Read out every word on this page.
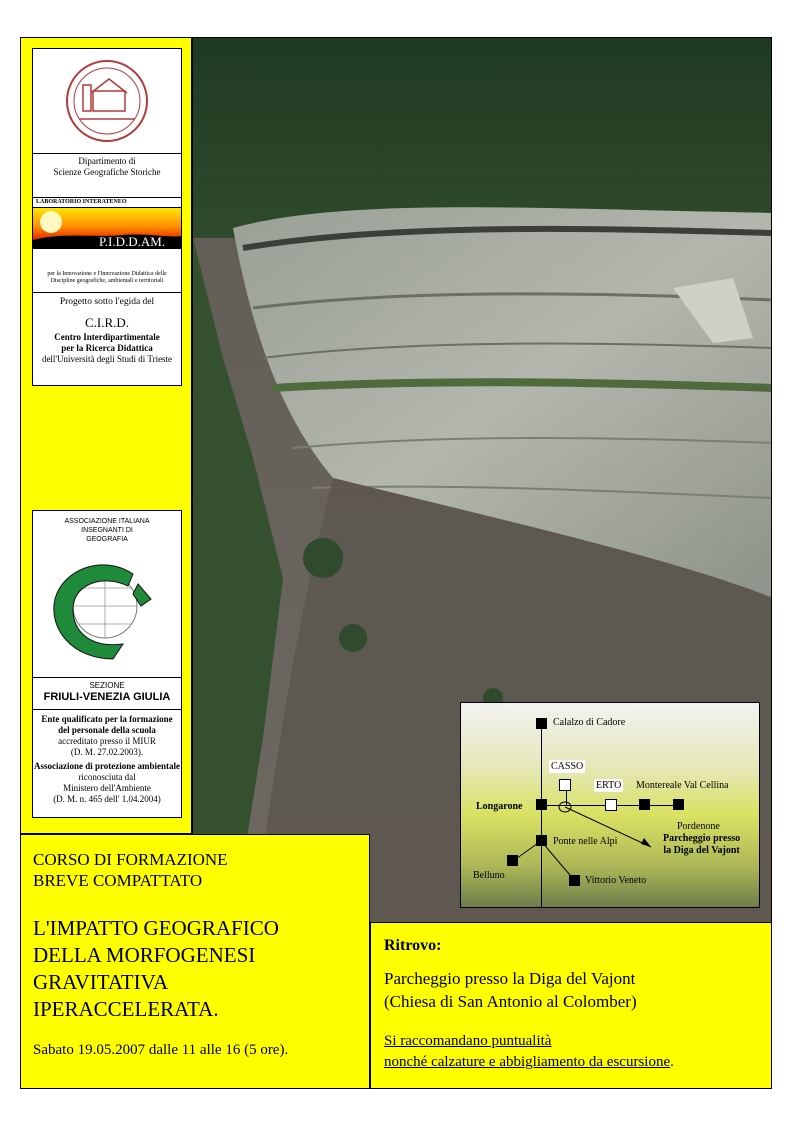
Dipartimento di
Scienze Geografiche Storiche
LABORATORIO INTERATENEO
P.I.D.D.AM.
per la Innovazione e l'Innovazione Didattica delle
Discipline geografiche, ambientali e territoriali
Progetto sotto l'egida del
C.I.R.D.
Centro Interdipartimentale
per la Ricerca Didattica
dell'Università degli Studi di Trieste
ASSOCIAZIONE ITALIANA
INSEGNANTI DI
GEOGRAFIA
SEZIONE
FRIULI-VENEZIA GIULIA
Ente qualificato per la formazione
del personale della scuola
accreditato presso il MIUR
(D. M. 27.02.2003).
Associazione di protezione ambientale
riconosciuta dal
Ministero dell'Ambiente
(D. M. n. 465 dell' 1.04.2004)
Calalzo di Cadore
CASSO
ERTO Montereale Val Cellina
Longarone
Pordenone
Ponte nelle Alpi	Parcheggio presso
la Diga del Vajont
Belluno	Vittorio Veneto
CORSO DI FORMAZIONE
BREVE COMPATTATO
L'IMPATTO GEOGRAFICO
DELLA MORFOGENESI
GRAVITATIVA
IPERACCELERATA.
Sabato 19.05.2007 dalle 11 alle 16 (5 ore).
Ritrovo:
Parcheggio presso la Diga del Vajont
(Chiesa di San Antonio al Colomber)
Si raccomandano puntualità
nonché calzature e abbigliamento da escursione.
